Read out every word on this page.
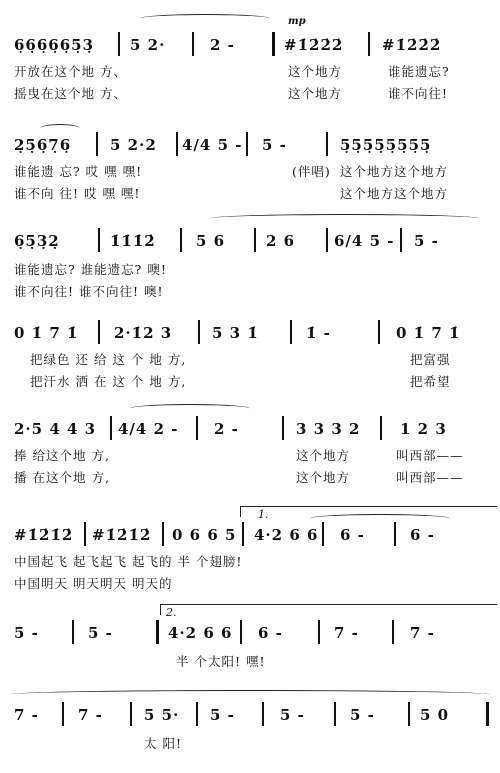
mp
6̣6̣6̣6̣6̣5̣3̣ 5 2·	2 -	#1̇2̇2̇2̇	#1̇2̇2̇2̇
开放在这个地 方、	这个地方	谁能遗忘?
摇曳在这个地 方、	这个地方	谁不向往!
2̣5̣6̣7̣6̣	5 2·2 4/4 5 - 5 -	5̣5̣5̣5̣5̣5̣5̣5̣
谁能遗 忘? 哎 嘿 嘿!	(伴唱) 这个地方这个地方
谁不向 往! 哎 嘿 嘿!	这个地方这个地方
6̣5̣3̣2̣	1̇1̇1̇2̇	5 6	2 6	6/4 5 - 5 -
谁能遗忘? 谁能遗忘? 噢!
谁不向往! 谁不向往! 噢!
0 1̇ 7 1̇ 2·1̇2 3	5 3 1̇	1̇ -	0 1̇ 7 1̇
把绿色 还 给 这 个 地 方,	把富强
把汗水 洒 在 这 个 地 方,	把希望
2·5 4 4 3 4/4 2 - 2 -	3 3 3 2	1 2 3
捧 给这个地 方,	这个地方	叫西部——
播 在这个地 方,	这个地方	叫西部——
1.
#1̇2̇1̇2̇ #1̇2̇1̇2̇ 0 6 6 5 4·2 6 6 6 -	6 -
中国起飞 起飞起飞 起飞的 半 个翅膀!
中国明天 明天明天 明天的
2.
5 -	5 -	4·2 6 6 6 -	7 -	7 -
半 个太阳! 嘿!
7 -	7 -	5 5· 5 -	5 -	5 -	5 0
太 阳!
